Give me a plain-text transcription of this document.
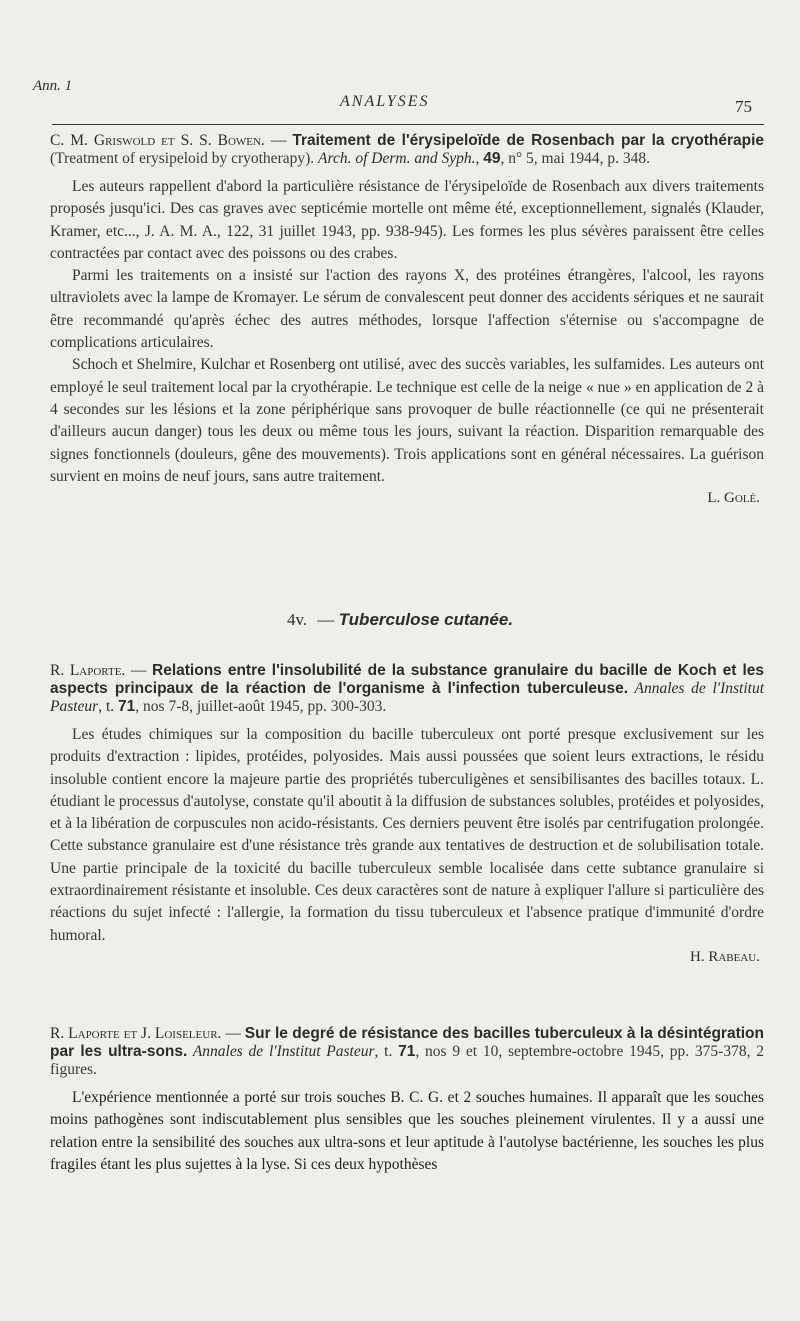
Ann. 1
ANALYSES	75

C. M. Griswold et S. S. Bowen. — Traitement de l'érysipeloïde de Rosenbach par la cryothérapie (Treatment of erysipeloid by cryotherapy). Arch. of Derm. and Syph., 49, n° 5, mai 1944, p. 348.

Les auteurs rappellent d'abord la particulière résistance de l'érysipeloïde de Rosenbach aux divers traitements proposés jusqu'ici. Des cas graves avec septicémie mortelle ont même été, exceptionnellement, signalés (Klauder, Kramer, etc..., J. A. M. A., 122, 31 juillet 1943, pp. 938-945). Les formes les plus sévères paraissent être celles contractées par contact avec des poissons ou des crabes.

Parmi les traitements on a insisté sur l'action des rayons X, des protéines étrangères, l'alcool, les rayons ultraviolets avec la lampe de Kromayer. Le sérum de convalescent peut donner des accidents sériques et ne saurait être recommandé qu'après échec des autres méthodes, lorsque l'affection s'éternise ou s'accompagne de complications articulaires.

Schoch et Shelmire, Kulchar et Rosenberg ont utilisé, avec des succès variables, les sulfamides. Les auteurs ont employé le seul traitement local par la cryothérapie. Le technique est celle de la neige « nue » en application de 2 à 4 secondes sur les lésions et la zone périphérique sans provoquer de bulle réactionnelle (ce qui ne présenterait d'ailleurs aucun danger) tous les deux ou même tous les jours, suivant la réaction. Disparition remarquable des signes fonctionnels (douleurs, gêne des mouvements). Trois applications sont en général nécessaires. La guérison survient en moins de neuf jours, sans autre traitement.

L. Golé.

4v. — Tuberculose cutanée.

R. Laporte. — Relations entre l'insolubilité de la substance granulaire du bacille de Koch et les aspects principaux de la réaction de l'organisme à l'infection tuberculeuse. Annales de l'Institut Pasteur, t. 71, nos 7-8, juillet-août 1945, pp. 300-303.

Les études chimiques sur la composition du bacille tuberculeux ont porté presque exclusivement sur les produits d'extraction : lipides, protéides, polyosides. Mais aussi poussées que soient leurs extractions, le résidu insoluble contient encore la majeure partie des propriétés tuberculigènes et sensibilisantes des bacilles totaux. L. étudiant le processus d'autolyse, constate qu'il aboutit à la diffusion de substances solubles, protéides et polyosides, et à la libération de corpuscules non acido-résistants. Ces derniers peuvent être isolés par centrifugation prolongée. Cette substance granulaire est d'une résistance très grande aux tentatives de destruction et de solubilisation totale. Une partie principale de la toxicité du bacille tuberculeux semble localisée dans cette subtance granulaire si extraordinairement résistante et insoluble. Ces deux caractères sont de nature à expliquer l'allure si particulière des réactions du sujet infecté : l'allergie, la formation du tissu tuberculeux et l'absence pratique d'immunité d'ordre humoral.

H. Rabeau.

R. Laporte et J. Loiseleur. — Sur le degré de résistance des bacilles tuberculeux à la désintégration par les ultra-sons. Annales de l'Institut Pasteur, t. 71, nos 9 et 10, septembre-octobre 1945, pp. 375-378, 2 figures.

L'expérience mentionnée a porté sur trois souches B. C. G. et 2 souches humaines. Il apparaît que les souches moins pathogènes sont indiscutablement plus sensibles que les souches pleinement virulentes. Il y a aussi une relation entre la sensibilité des souches aux ultra-sons et leur aptitude à l'autolyse bactérienne, les souches les plus fragiles étant les plus sujettes à la lyse. Si ces deux hypothèses
